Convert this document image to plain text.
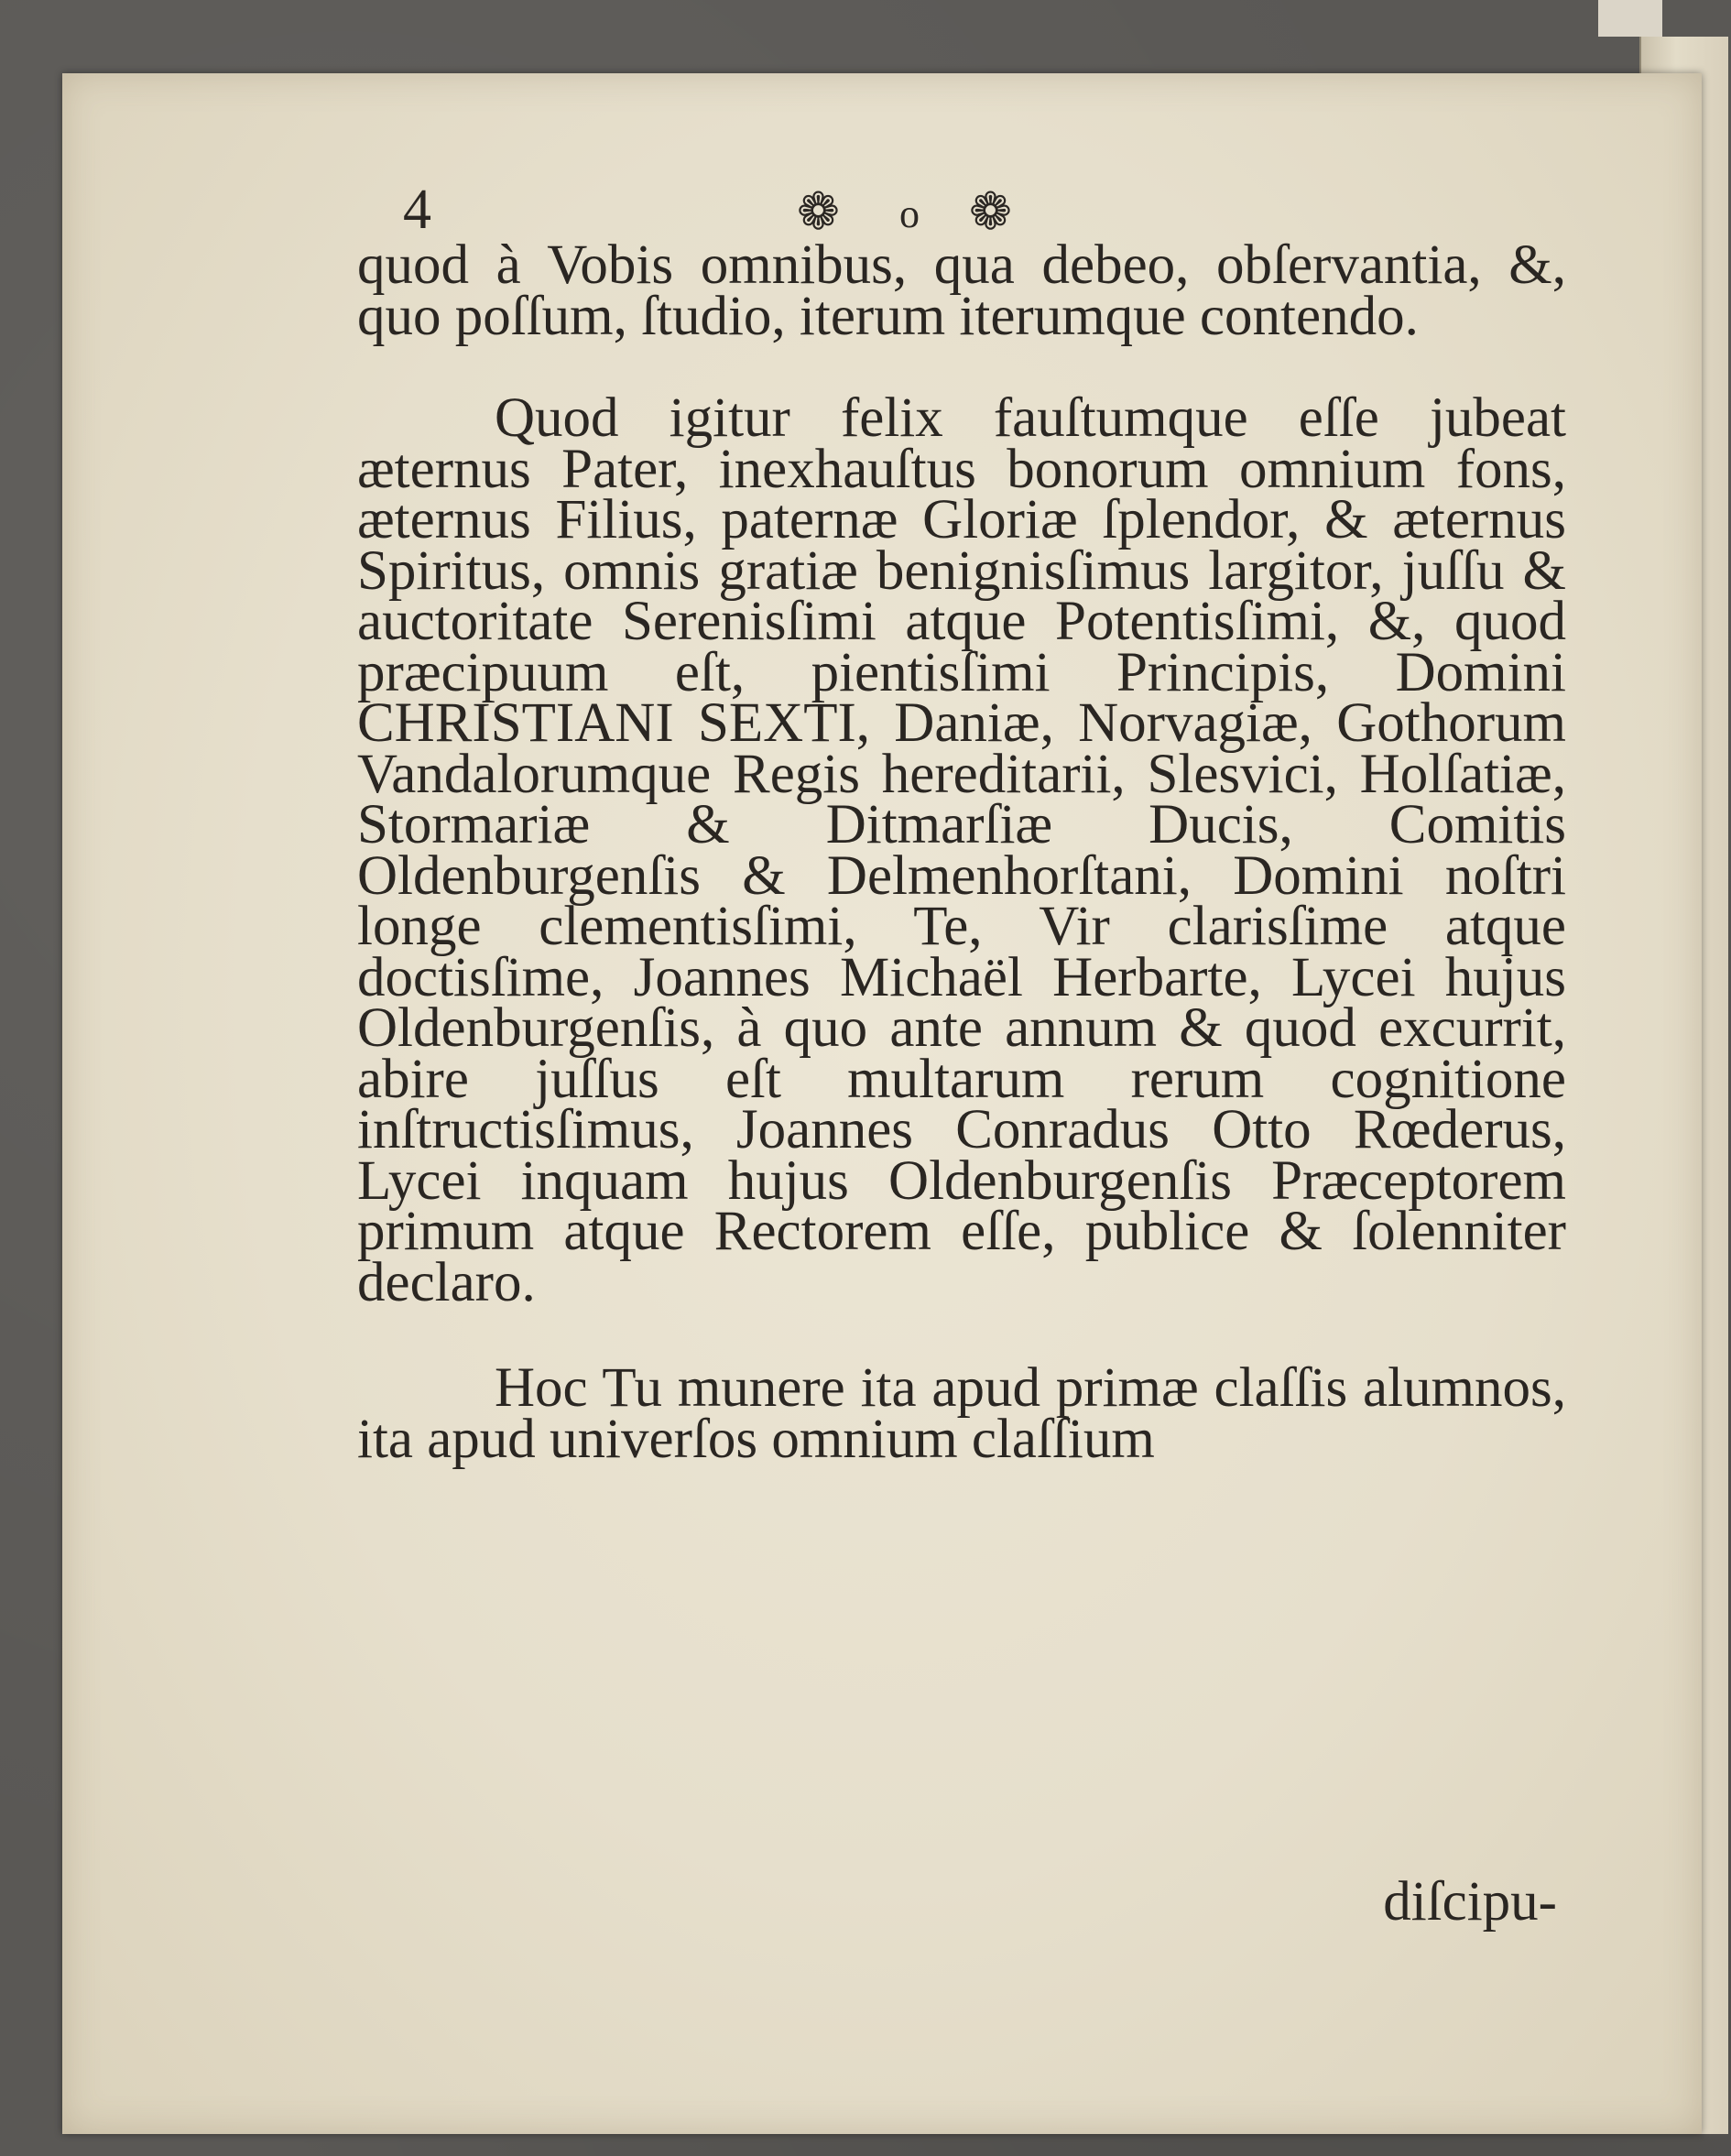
4	❁ o ❁

quod à Vobis omnibus, qua debeo, obſervantia, &, quo poſſum, ſtudio, iterum iterumque contendo.

Quod igitur felix fauſtumque eſſe jubeat æternus Pater, inexhauſtus bonorum omnium fons, æternus Filius, paternæ Gloriæ ſplendor, & æternus Spiritus, omnis gratiæ benignisſimus largitor, juſſu & auctoritate Serenisſimi atque Potentisſimi, &, quod præcipuum eſt, pientisſimi Principis, Domini CHRISTIANI SEXTI, Daniæ, Norvagiæ, Gothorum Vandalorumque Regis hereditarii, Slesvici, Holſatiæ, Stormariæ & Ditmarſiæ Ducis, Comitis Oldenburgenſis & Delmenhorſtani, Domini noſtri longe clementisſimi, Te, Vir clarisſime atque doctisſime, Joannes Michaël Herbarte, Lycei hujus Oldenburgenſis, à quo ante annum & quod excurrit, abire juſſus eſt multarum rerum cognitione inſtructisſimus, Joannes Conradus Otto Rœderus, Lycei inquam hujus Oldenburgenſis Præceptorem primum atque Rectorem eſſe, publice & ſolenniter declaro.

Hoc Tu munere ita apud primæ claſſis alumnos, ita apud univerſos omnium claſſium

diſcipu-
